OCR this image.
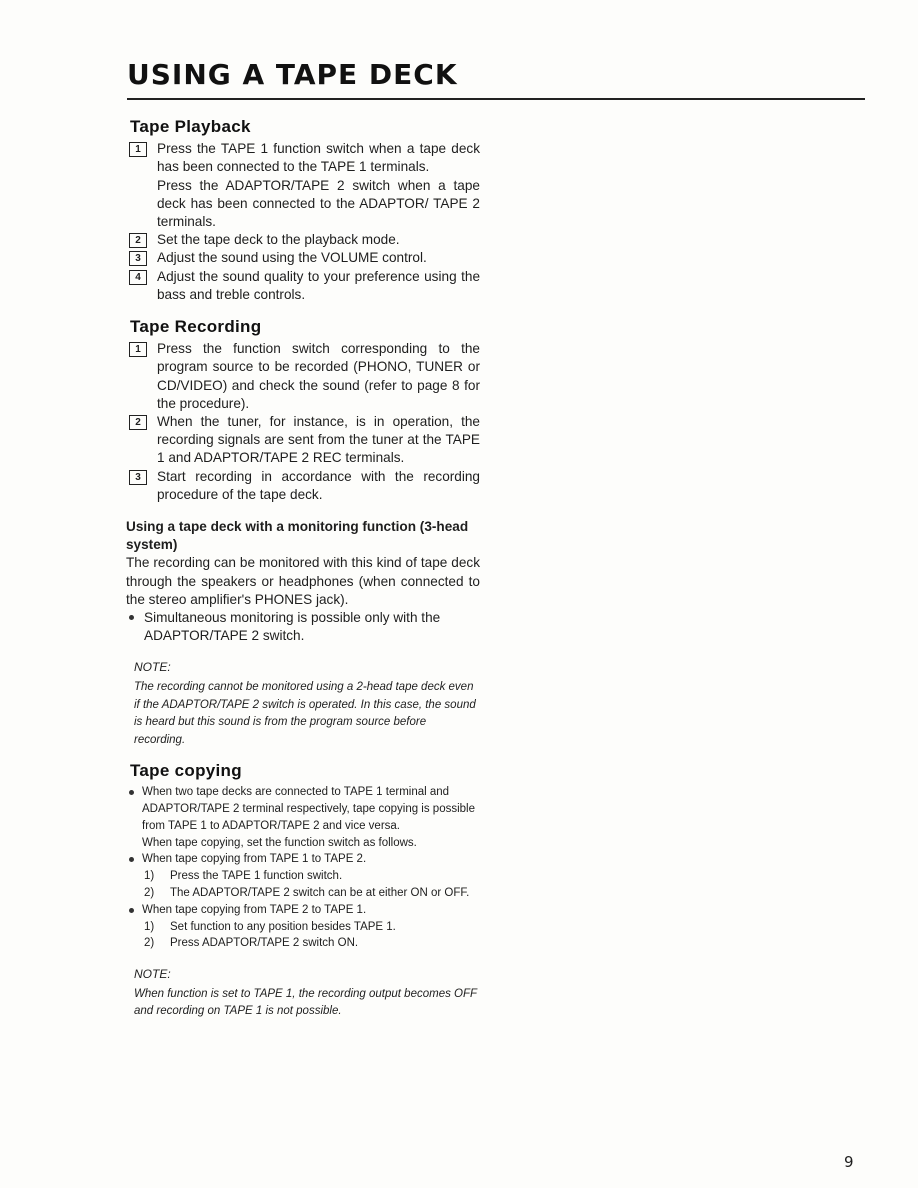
USING A TAPE DECK
Tape Playback
1	Press the TAPE 1 function switch when a tape deck has been connected to the TAPE 1 terminals.

Press the ADAPTOR/TAPE 2 switch when a tape deck has been connected to the ADAPTOR/ TAPE 2 terminals.

2	Set the tape deck to the playback mode.

3	Adjust the sound using the VOLUME control.

4	Adjust the sound quality to your preference using the bass and treble controls.

Tape Recording
1	Press the function switch corresponding to the program source to be recorded (PHONO, TUNER or CD/VIDEO) and check the sound (refer to page 8 for the procedure).

2	When the tuner, for instance, is in operation, the recording signals are sent from the tuner at the TAPE 1 and ADAPTOR/TAPE 2 REC terminals.

3	Start recording in accordance with the recording procedure of the tape deck.

Using a tape deck with a monitoring function (3-head system)

The recording can be monitored with this kind of tape deck through the speakers or headphones (when connected to the stereo amplifier's PHONES jack).

Simultaneous monitoring is possible only with the ADAPTOR/TAPE 2 switch.
NOTE:
The recording cannot be monitored using a 2-head tape deck even if the ADAPTOR/TAPE 2 switch is operated. In this case, the sound is heard but this sound is from the program source before recording.
Tape copying
When two tape decks are connected to TAPE 1 terminal and ADAPTOR/TAPE 2 terminal respectively, tape copying is possible from TAPE 1 to ADAPTOR/TAPE 2 and vice versa.
When tape copying, set the function switch as follows.
When tape copying from TAPE 1 to TAPE 2.
1) Press the TAPE 1 function switch.
2) The ADAPTOR/TAPE 2 switch can be at either ON or OFF.
When tape copying from TAPE 2 to TAPE 1.
1) Set function to any position besides TAPE 1.
2) Press ADAPTOR/TAPE 2 switch ON.
NOTE:
When function is set to TAPE 1, the recording output becomes OFF and recording on TAPE 1 is not possible.
9
